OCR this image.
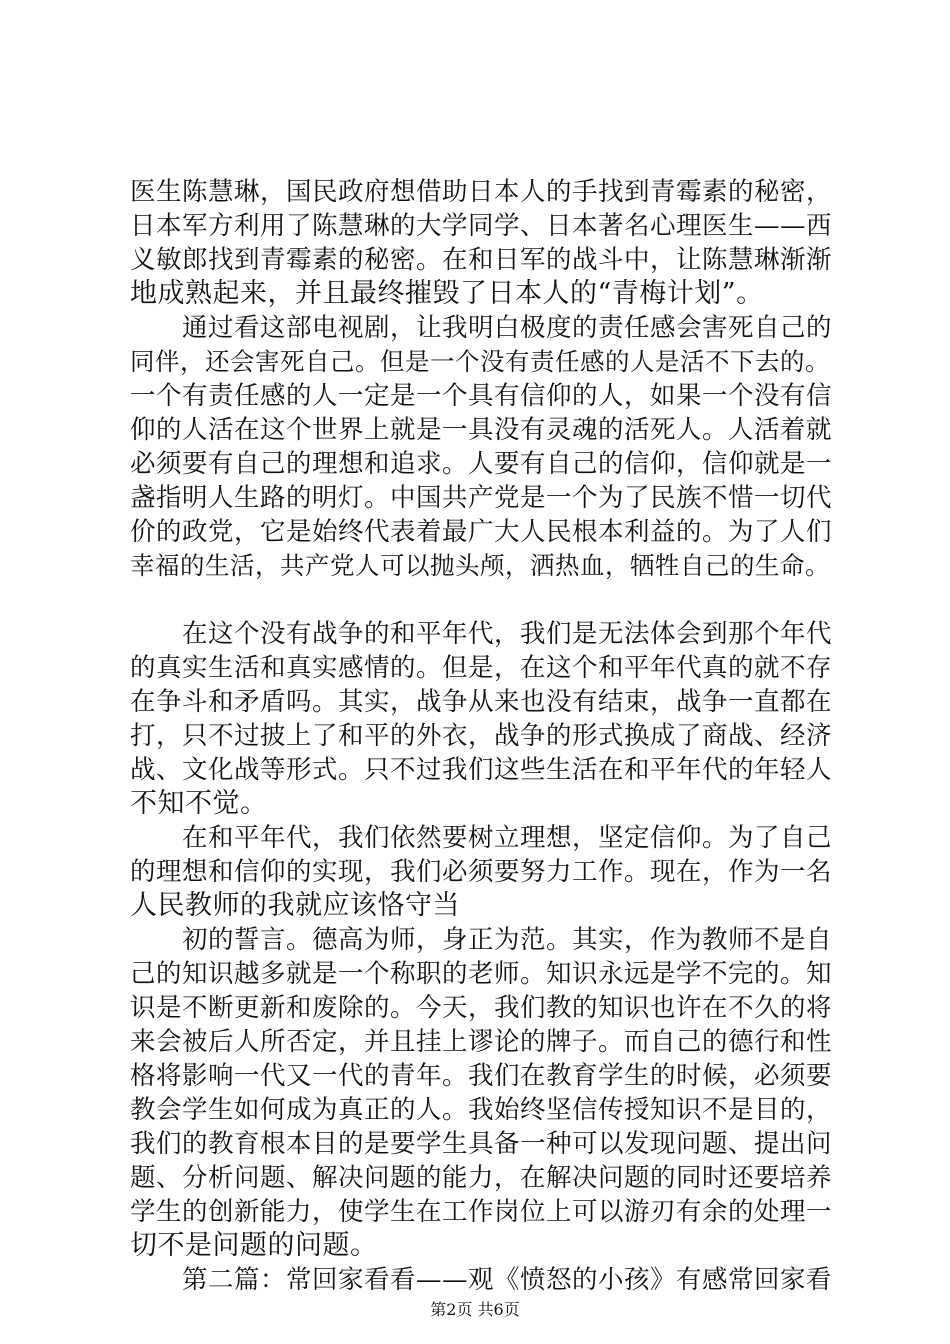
医生陈慧琳，国民政府想借助日本人的手找到青霉素的秘密，
日本军方利用了陈慧琳的大学同学、日本著名心理医生——西
义敏郎找到青霉素的秘密。在和日军的战斗中，让陈慧琳渐渐
地成熟起来，并且最终摧毁了日本人的“青梅计划”。
　　通过看这部电视剧，让我明白极度的责任感会害死自己的
同伴，还会害死自己。但是一个没有责任感的人是活不下去的。
一个有责任感的人一定是一个具有信仰的人，如果一个没有信
仰的人活在这个世界上就是一具没有灵魂的活死人。人活着就
必须要有自己的理想和追求。人要有自己的信仰，信仰就是一
盏指明人生路的明灯。中国共产党是一个为了民族不惜一切代
价的政党，它是始终代表着最广大人民根本利益的。为了人们
幸福的生活，共产党人可以抛头颅，洒热血，牺牲自己的生命。
　　在这个没有战争的和平年代，我们是无法体会到那个年代
的真实生活和真实感情的。但是，在这个和平年代真的就不存
在争斗和矛盾吗。其实，战争从来也没有结束，战争一直都在
打，只不过披上了和平的外衣，战争的形式换成了商战、经济
战、文化战等形式。只不过我们这些生活在和平年代的年轻人
不知不觉。
　　在和平年代，我们依然要树立理想，坚定信仰。为了自己
的理想和信仰的实现，我们必须要努力工作。现在，作为一名
人民教师的我就应该恪守当
　　初的誓言。德高为师，身正为范。其实，作为教师不是自
己的知识越多就是一个称职的老师。知识永远是学不完的。知
识是不断更新和废除的。今天，我们教的知识也许在不久的将
来会被后人所否定，并且挂上谬论的牌子。而自己的德行和性
格将影响一代又一代的青年。我们在教育学生的时候，必须要
教会学生如何成为真正的人。我始终坚信传授知识不是目的，
我们的教育根本目的是要学生具备一种可以发现问题、提出问
题、分析问题、解决问题的能力，在解决问题的同时还要培养
学生的创新能力，使学生在工作岗位上可以游刃有余的处理一
切不是问题的问题。
　　第二篇：常回家看看——观《愤怒的小孩》有感常回家看
第2页 共6页
